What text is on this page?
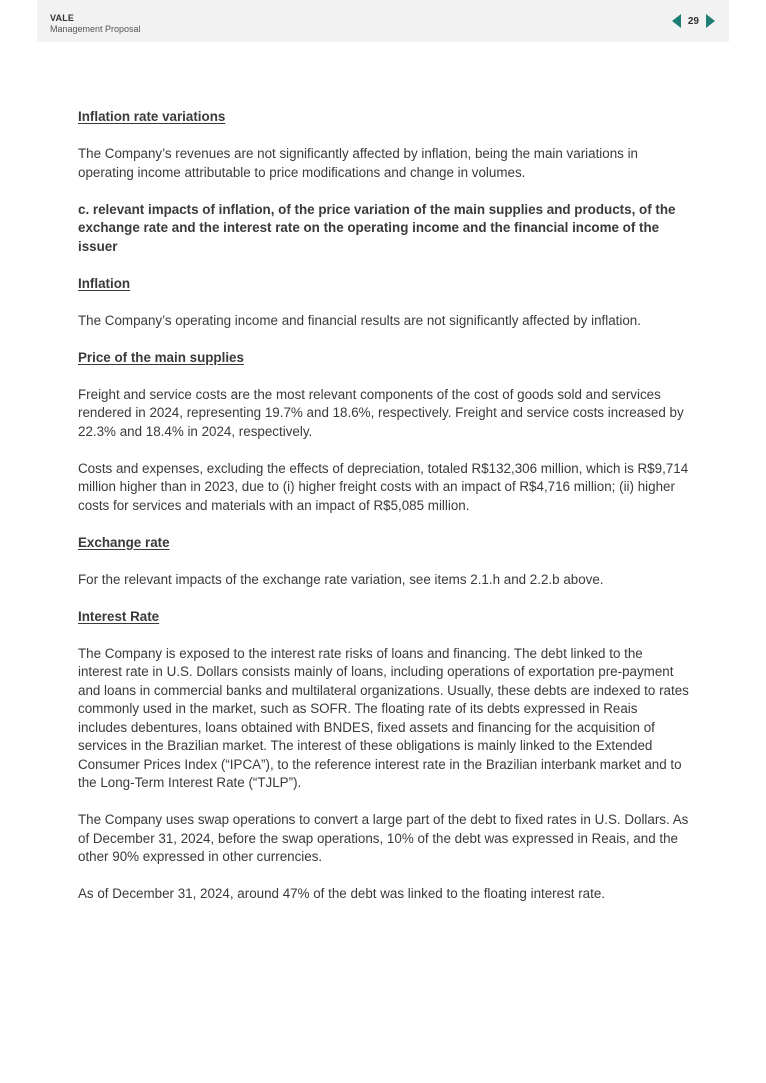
VALE
Management Proposal
29
Inflation rate variations

The Company’s revenues are not significantly affected by inflation, being the main variations in operating income attributable to price modifications and change in volumes.

c. relevant impacts of inflation, of the price variation of the main supplies and products, of the exchange rate and the interest rate on the operating income and the financial income of the issuer
Inflation

The Company’s operating income and financial results are not significantly affected by inflation.

Price of the main supplies

Freight and service costs are the most relevant components of the cost of goods sold and services rendered in 2024, representing 19.7% and 18.6%, respectively. Freight and service costs increased by 22.3% and 18.4% in 2024, respectively.

Costs and expenses, excluding the effects of depreciation, totaled R$132,306 million, which is R$9,714 million higher than in 2023, due to (i) higher freight costs with an impact of R$4,716 million; (ii) higher costs for services and materials with an impact of R$5,085 million.

Exchange rate

For the relevant impacts of the exchange rate variation, see items 2.1.h and 2.2.b above.

Interest Rate

The Company is exposed to the interest rate risks of loans and financing. The debt linked to the interest rate in U.S. Dollars consists mainly of loans, including operations of exportation pre-payment and loans in commercial banks and multilateral organizations. Usually, these debts are indexed to rates commonly used in the market, such as SOFR. The floating rate of its debts expressed in Reais includes debentures, loans obtained with BNDES, fixed assets and financing for the acquisition of services in the Brazilian market. The interest of these obligations is mainly linked to the Extended Consumer Prices Index (“IPCA”), to the reference interest rate in the Brazilian interbank market and to the Long-Term Interest Rate (“TJLP”).

The Company uses swap operations to convert a large part of the debt to fixed rates in U.S. Dollars. As of December 31, 2024, before the swap operations, 10% of the debt was expressed in Reais, and the other 90% expressed in other currencies.

As of December 31, 2024, around 47% of the debt was linked to the floating interest rate.
